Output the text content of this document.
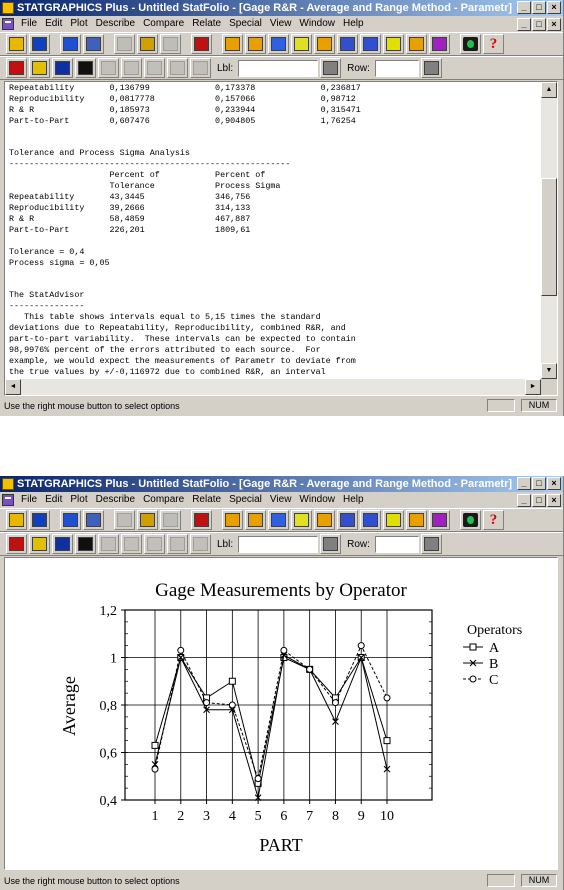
STATGRAPHICS Plus - Untitled StatFolio - [Gage R&R - Average and Range Method - Parametr]	_	□	×
File Edit Plot Describe Compare Relate Special View Window Help	_	□	×
?
Lbl:	Row:
Repeatability       0,136799             0,173378             0,236817
Reproducibility     0,0817778            0,157066             0,98712
R & R               0,185973             0,233944             0,315471
Part-to-Part        0,607476             0,904805             1,76254

Tolerance and Process Sigma Analysis
--------------------------------------------------------
Percent of           Percent of
Tolerance            Process Sigma
Repeatability       43,3445              346,756
Reproducibility     39,2666              314,133
R & R               58,4859              467,887
Part-to-Part        226,201              1809,61

Tolerance = 0,4
Process sigma = 0,05

The StatAdvisor
---------------
This table shows intervals equal to 5,15 times the standard
deviations due to Repeatability, Reproducibility, combined R&R, and
part-to-part variability.  These intervals can be expected to contain
98,9976% percent of the errors attributed to each source.  For
example, we would expect the measurements of Parametr to deviate from
the true values by +/-0,116972 due to combined R&R, an interval
▲
▼
◄	►
Use the right mouse button to select options	NUM
STATGRAPHICS Plus - Untitled StatFolio - [Gage R&R - Average and Range Method - Parametr]	_	□	×
File Edit Plot Describe Compare Relate Special View Window Help	_	□	×
?
Lbl:	Row:
Gage Measurements by Operator
0,4
0,6
0,8
1
1,2
1 2 3 4 5 6 7 8 9 10
PART
Average
Operators
A
B
C
Use the right mouse button to select options	NUM
